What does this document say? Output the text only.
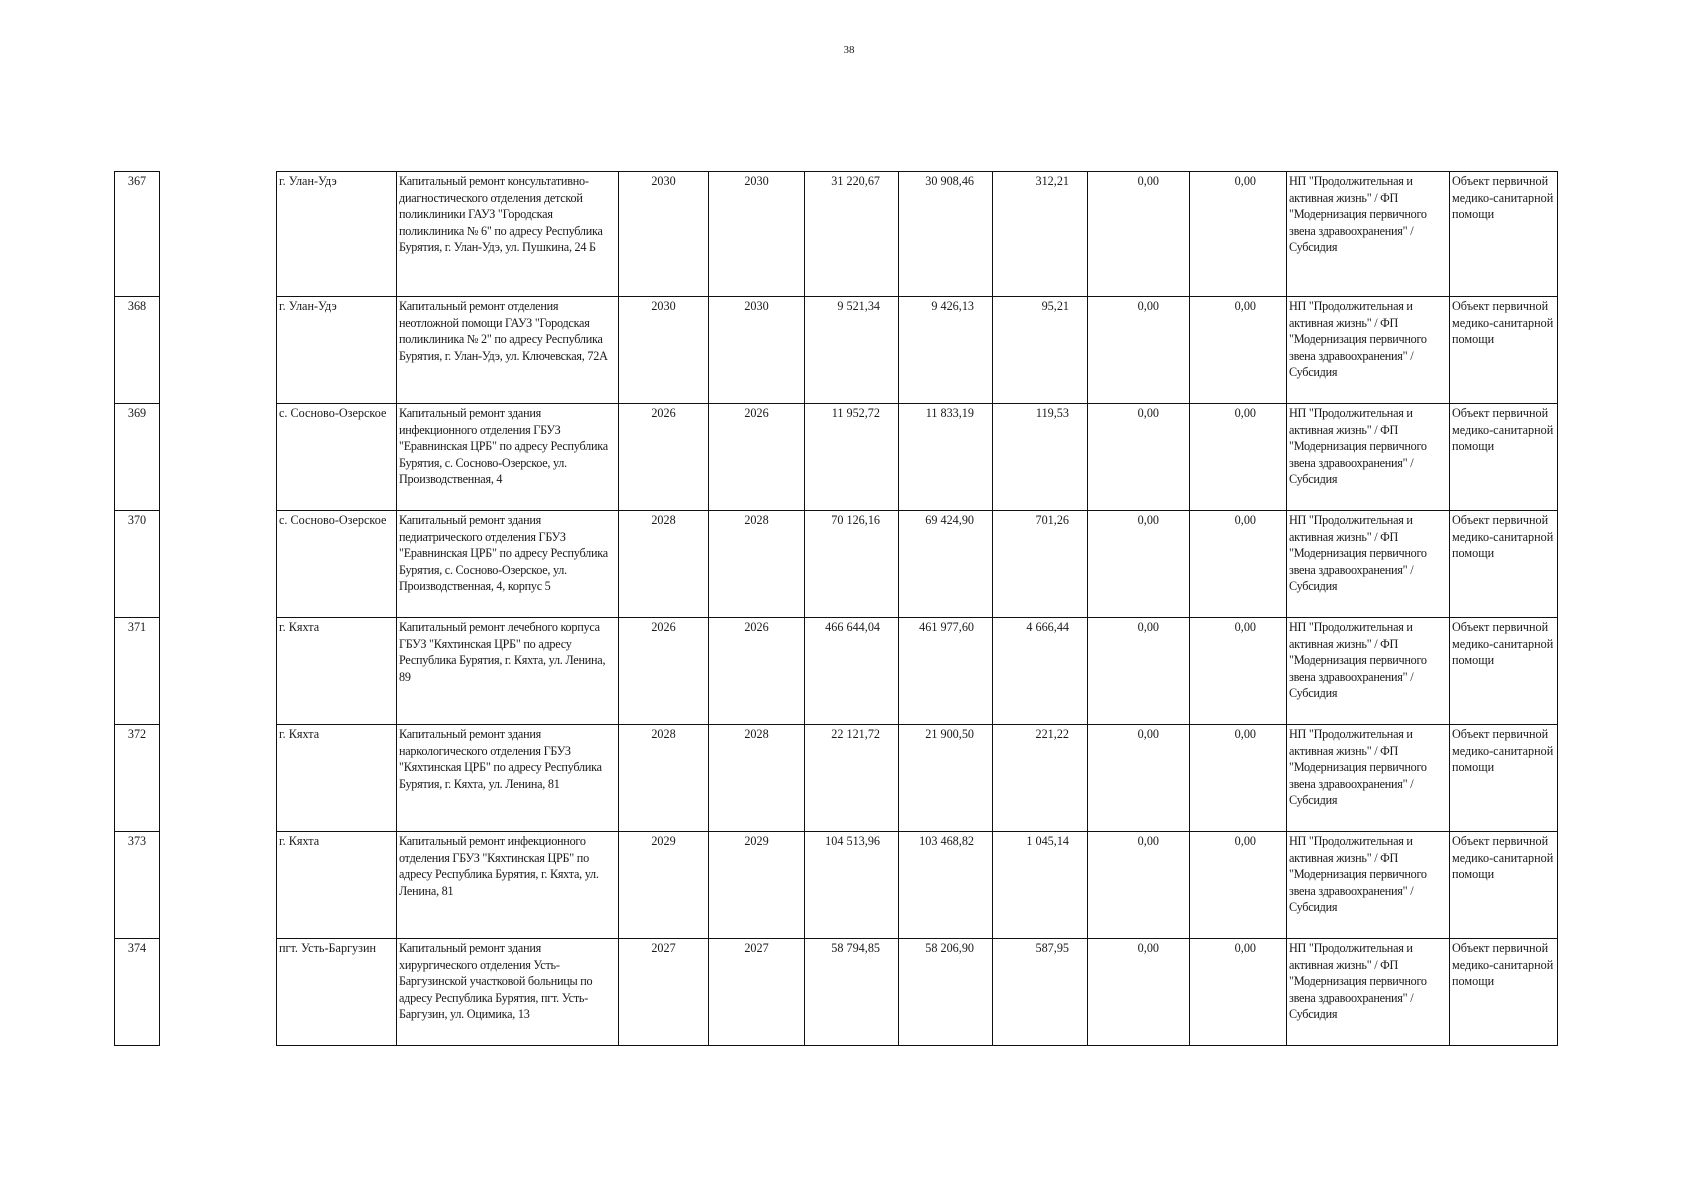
38
367		г. Улан-Удэ	Капитальный ремонт консультативно-диагностического отделения детской поликлиники ГАУЗ "Городская поликлиника № 6" по адресу Республика Бурятия, г. Улан-Удэ, ул. Пушкина, 24 Б	2030	2030	31 220,67	30 908,46	312,21	0,00	0,00	НП "Продолжительная и активная жизнь" / ФП "Модернизация первичного звена здравоохранения" / Субсидия	Объект первичной медико-санитарной помощи
368		г. Улан-Удэ	Капитальный ремонт отделения неотложной помощи ГАУЗ "Городская поликлиника № 2" по адресу Республика Бурятия, г. Улан-Удэ, ул. Ключевская, 72А	2030	2030	9 521,34	9 426,13	95,21	0,00	0,00	НП "Продолжительная и активная жизнь" / ФП "Модернизация первичного звена здравоохранения" / Субсидия	Объект первичной медико-санитарной помощи
369		с. Сосново-Озерское	Капитальный ремонт здания инфекционного отделения ГБУЗ "Еравнинская ЦРБ" по адресу Республика Бурятия, с. Сосново-Озерское, ул. Производственная, 4	2026	2026	11 952,72	11 833,19	119,53	0,00	0,00	НП "Продолжительная и активная жизнь" / ФП "Модернизация первичного звена здравоохранения" / Субсидия	Объект первичной медико-санитарной помощи
370		с. Сосново-Озерское	Капитальный ремонт здания педиатрического отделения ГБУЗ "Еравнинская ЦРБ" по адресу Республика Бурятия, с. Сосново-Озерское, ул. Производственная, 4, корпус 5	2028	2028	70 126,16	69 424,90	701,26	0,00	0,00	НП "Продолжительная и активная жизнь" / ФП "Модернизация первичного звена здравоохранения" / Субсидия	Объект первичной медико-санитарной помощи
371		г. Кяхта	Капитальный ремонт лечебного корпуса ГБУЗ "Кяхтинская ЦРБ" по адресу Республика Бурятия, г. Кяхта, ул. Ленина, 89	2026	2026	466 644,04	461 977,60	4 666,44	0,00	0,00	НП "Продолжительная и активная жизнь" / ФП "Модернизация первичного звена здравоохранения" / Субсидия	Объект первичной медико-санитарной помощи
372		г. Кяхта	Капитальный ремонт здания наркологического отделения ГБУЗ "Кяхтинская ЦРБ" по адресу Республика Бурятия, г. Кяхта, ул. Ленина, 81	2028	2028	22 121,72	21 900,50	221,22	0,00	0,00	НП "Продолжительная и активная жизнь" / ФП "Модернизация первичного звена здравоохранения" / Субсидия	Объект первичной медико-санитарной помощи
373		г. Кяхта	Капитальный ремонт инфекционного отделения ГБУЗ "Кяхтинская ЦРБ" по адресу Республика Бурятия, г. Кяхта, ул. Ленина, 81	2029	2029	104 513,96	103 468,82	1 045,14	0,00	0,00	НП "Продолжительная и активная жизнь" / ФП "Модернизация первичного звена здравоохранения" / Субсидия	Объект первичной медико-санитарной помощи
374		пгт. Усть-Баргузин	Капитальный ремонт здания хирургического отделения Усть-Баргузинской участковой больницы по адресу Республика Бурятия, пгт. Усть-Баргузин, ул. Оцимика, 13	2027	2027	58 794,85	58 206,90	587,95	0,00	0,00	НП "Продолжительная и активная жизнь" / ФП "Модернизация первичного звена здравоохранения" / Субсидия	Объект первичной медико-санитарной помощи
